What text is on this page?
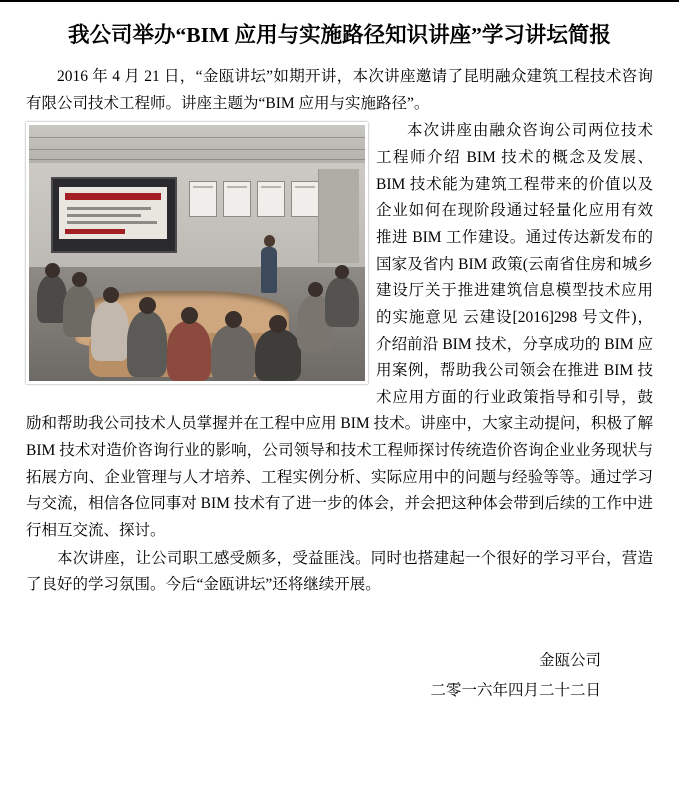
我公司举办“BIM 应用与实施路径知识讲座”学习讲坛简报

2016 年 4 月 21 日，“金瓯讲坛”如期开讲，本次讲座邀请了昆明融众建筑工程技术咨询有限公司技术工程师。讲座主题为“BIM 应用与实施路径”。

本次讲座由融众咨询公司两位技术工程师介绍 BIM 技术的概念及发展、BIM 技术能为建筑工程带来的价值以及企业如何在现阶段通过轻量化应用有效推进 BIM 工作建设。通过传达新发布的国家及省内 BIM 政策(云南省住房和城乡建设厅关于推进建筑信息模型技术应用的实施意见 云建设[2016]298 号文件)，介绍前沿 BIM 技术，分享成功的 BIM 应用案例，帮助我公司领会在推进 BIM 技术应用方面的行业政策指导和引导，鼓励和帮助我公司技术人员掌握并在工程中应用 BIM 技术。讲座中，大家主动提问，积极了解 BIM 技术对造价咨询行业的影响，公司领导和技术工程师探讨传统造价咨询企业业务现状与拓展方向、企业管理与人才培养、工程实例分析、实际应用中的问题与经验等等。通过学习与交流，相信各位同事对 BIM 技术有了进一步的体会，并会把这种体会带到后续的工作中进行相互交流、探讨。

本次讲座，让公司职工感受颇多，受益匪浅。同时也搭建起一个很好的学习平台，营造了良好的学习氛围。今后“金瓯讲坛”还将继续开展。

金瓯公司
二零一六年四月二十二日
